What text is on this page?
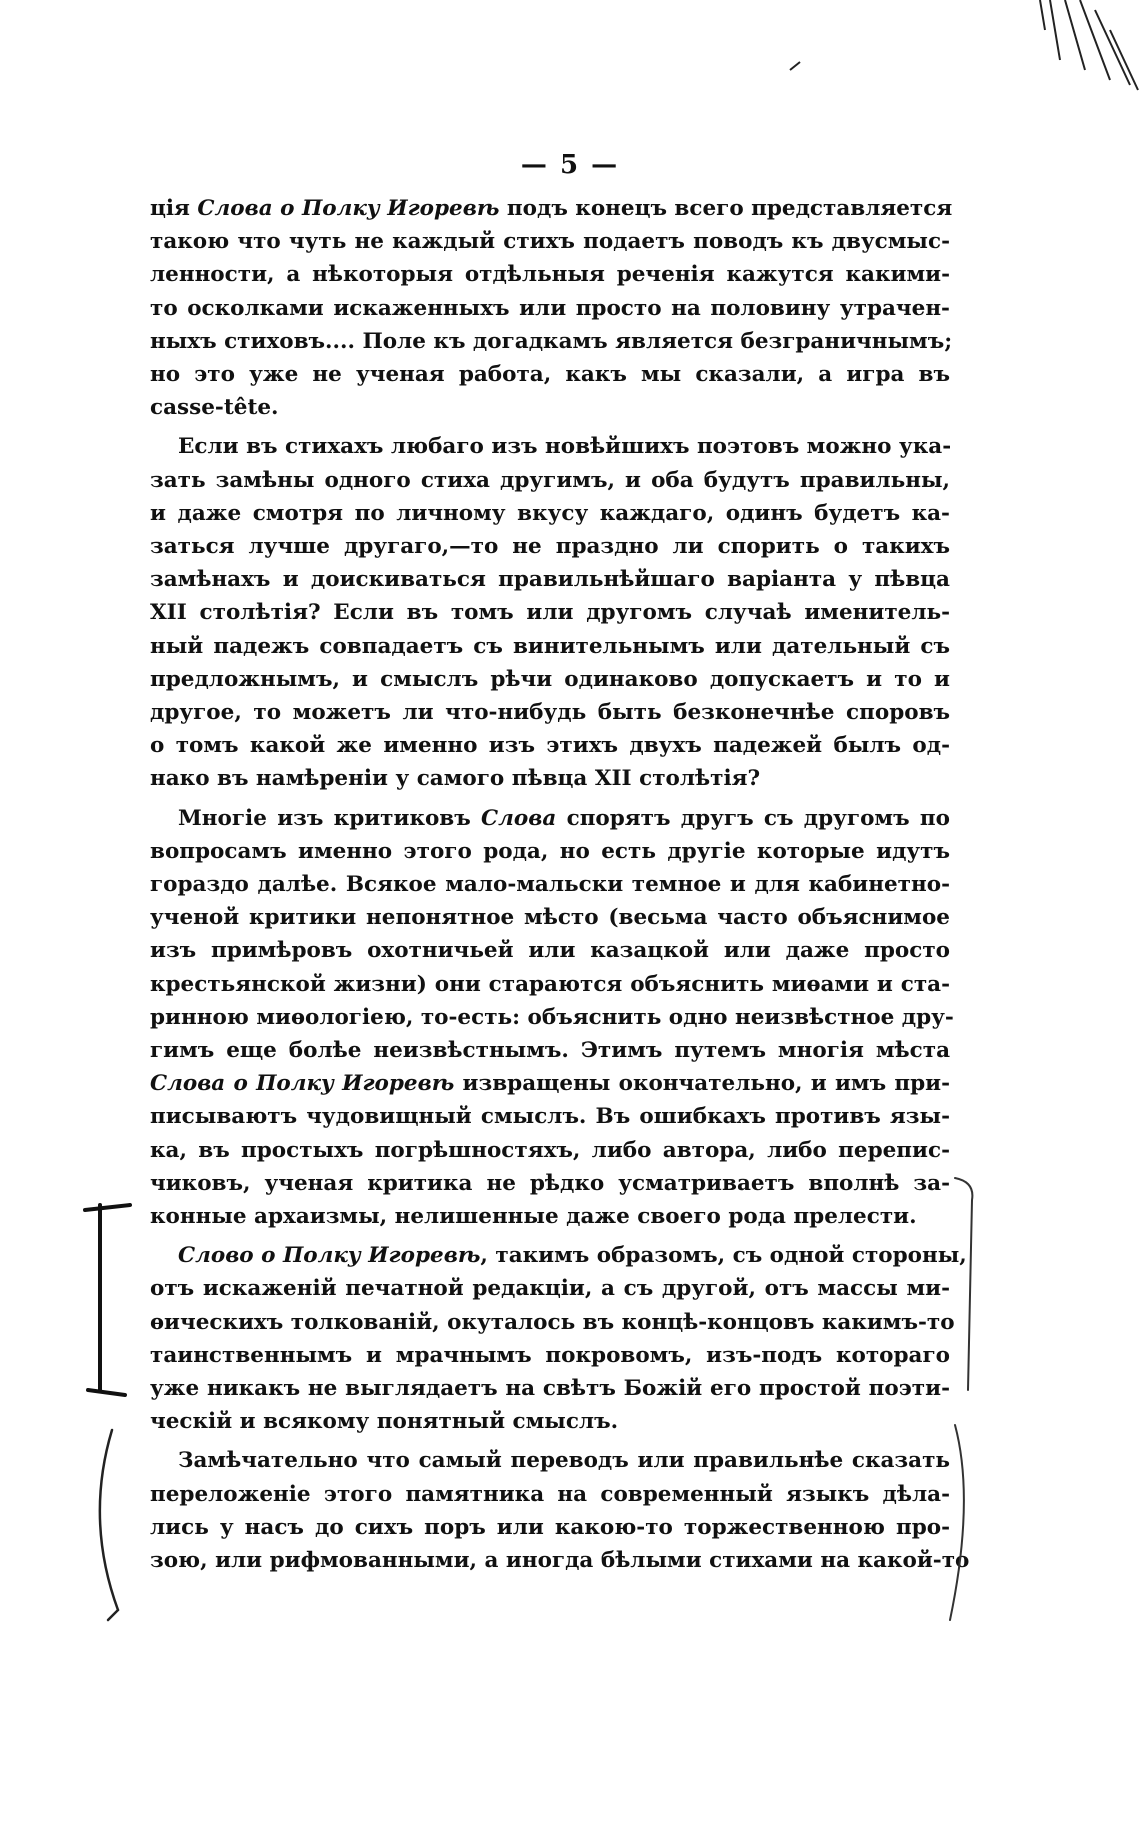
— 5 —
ція Слова о Полку Игоревѣ подъ конецъ всего представляется
такою что чуть не каждый стихъ подаетъ поводъ къ двусмыс-
ленности, а нѣкоторыя отдѣльныя реченія кажутся какими-
то осколками искаженныхъ или просто на половину утрачен-
ныхъ стиховъ.... Поле къ догадкамъ является безграничнымъ;
но это уже не ученая работа, какъ мы сказали, а игра въ
casse-tête.
Если въ стихахъ любаго изъ новѣйшихъ поэтовъ можно ука-
зать замѣны одного стиха другимъ, и оба будутъ правильны,
и даже смотря по личному вкусу каждаго, одинъ будетъ ка-
заться лучше другаго,—то не праздно ли спорить о такихъ
замѣнахъ и доискиваться правильнѣйшаго варіанта у пѣвца
XII столѣтія? Если въ томъ или другомъ случаѣ именитель-
ный падежъ совпадаетъ съ винительнымъ или дательный съ
предложнымъ, и смыслъ рѣчи одинаково допускаетъ и то и
другое, то можетъ ли что-нибудь быть безконечнѣе споровъ
о томъ какой же именно изъ этихъ двухъ падежей былъ од-
нако въ намѣреніи у самого пѣвца XII столѣтія?
Многіе изъ критиковъ Слова спорятъ другъ съ другомъ по
вопросамъ именно этого рода, но есть другіе которые идутъ
гораздо далѣе. Всякое мало-мальски темное и для кабинетно-
ученой критики непонятное мѣсто (весьма часто объяснимое
изъ примѣровъ охотничьей или казацкой или даже просто
крестьянской жизни) они стараются объяснить миѳами и ста-
ринною миѳологіею, то-есть: объяснить одно неизвѣстное дру-
гимъ еще болѣе неизвѣстнымъ. Этимъ путемъ многія мѣста
Слова о Полку Игоревѣ извращены окончательно, и имъ при-
писываютъ чудовищный смыслъ. Въ ошибкахъ противъ язы-
ка, въ простыхъ погрѣшностяхъ, либо автора, либо перепис-
чиковъ, ученая критика не рѣдко усматриваетъ вполнѣ за-
конные архаизмы, нелишенные даже своего рода прелести.
Слово о Полку Игоревѣ, такимъ образомъ, съ одной стороны,
отъ искаженій печатной редакціи, а съ другой, отъ массы ми-
ѳическихъ толкованій, окуталось въ концѣ-концовъ какимъ-то
таинственнымъ и мрачнымъ покровомъ, изъ-подъ котораго
уже никакъ не выглядаетъ на свѣтъ Божій его простой поэти-
ческій и всякому понятный смыслъ.
Замѣчательно что самый переводъ или правильнѣе сказать
переложеніе этого памятника на современный языкъ дѣла-
лись у насъ до сихъ поръ или какою-то торжественною про-
зою, или рифмованными, а иногда бѣлыми стихами на какой-то
